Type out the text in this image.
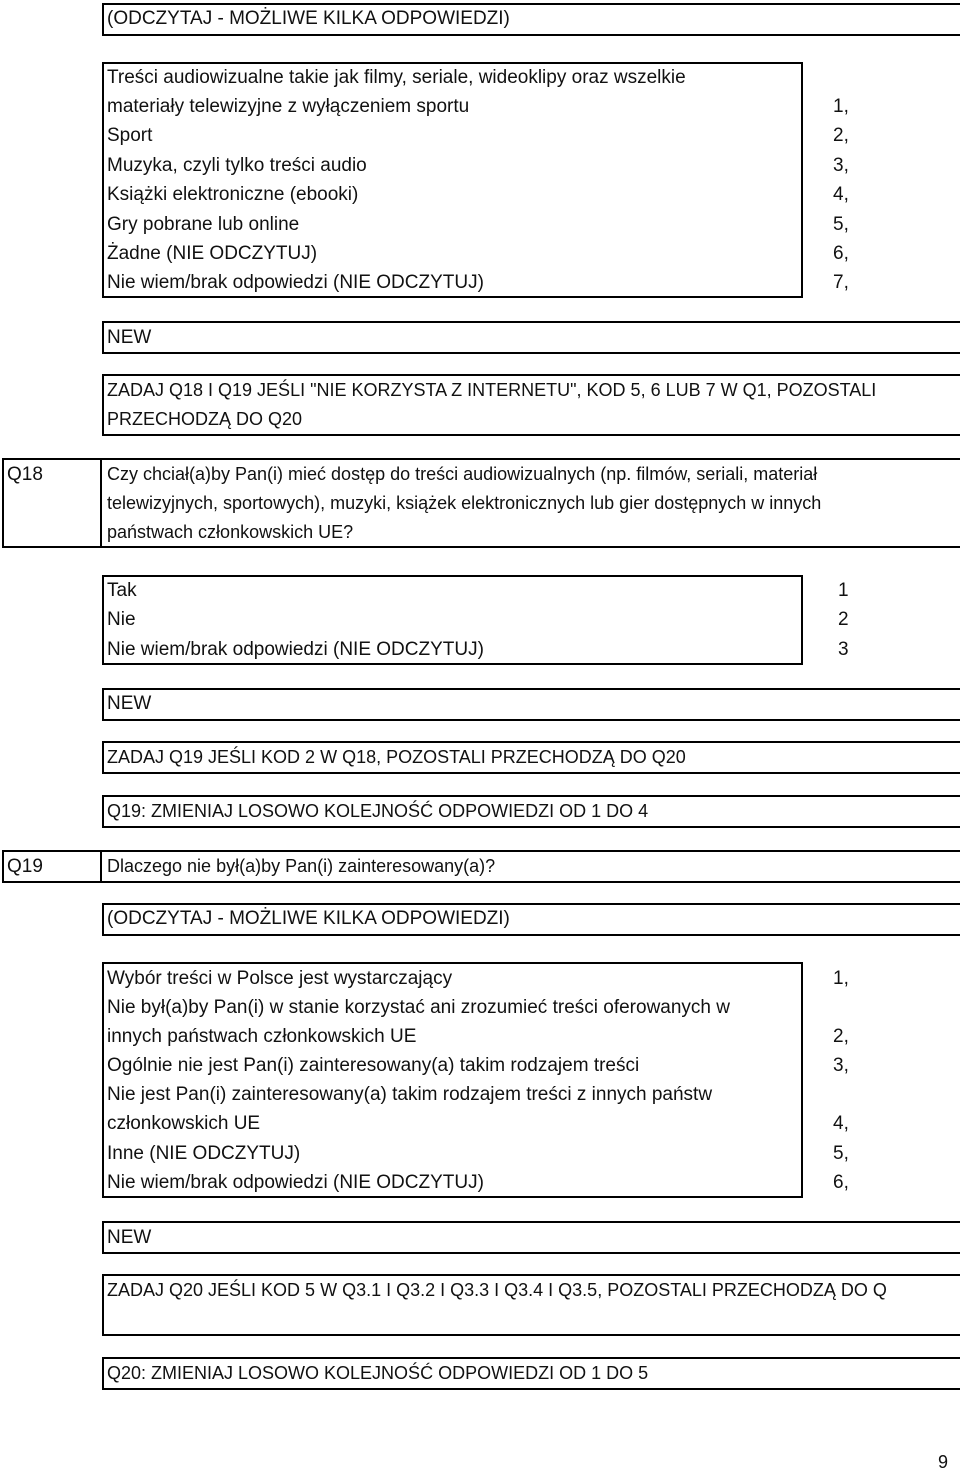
(ODCZYTAJ - MOŻLIWE KILKA ODPOWIEDZI)
Treści audiowizualne takie jak filmy, seriale, wideoklipy oraz wszelkie
materiały telewizyjne z wyłączeniem sportu	1,
Sport	2,
Muzyka, czyli tylko treści audio	3,
Książki elektroniczne (ebooki)	4,
Gry pobrane lub online	5,
Żadne (NIE ODCZYTUJ)	6,
Nie wiem/brak odpowiedzi (NIE ODCZYTUJ)	7,
NEW
ZADAJ Q18 I Q19 JEŚLI "NIE KORZYSTA Z INTERNETU", KOD 5, 6 LUB 7 W Q1, POZOSTALI
PRZECHODZĄ DO Q20
Q18	Czy chciał(a)by Pan(i) mieć dostęp do treści audiowizualnych (np. filmów, seriali, materiał
telewizyjnych, sportowych), muzyki, książek elektronicznych lub gier dostępnych w innych
państwach członkowskich UE?
Tak	1
Nie	2
Nie wiem/brak odpowiedzi (NIE ODCZYTUJ)	3
NEW
ZADAJ Q19 JEŚLI KOD 2 W Q18, POZOSTALI PRZECHODZĄ DO Q20
Q19: ZMIENIAJ LOSOWO KOLEJNOŚĆ ODPOWIEDZI OD 1 DO 4
Q19	Dlaczego nie był(a)by Pan(i) zainteresowany(a)?
(ODCZYTAJ - MOŻLIWE KILKA ODPOWIEDZI)
Wybór treści w Polsce jest wystarczający	1,
Nie był(a)by Pan(i) w stanie korzystać ani zrozumieć treści oferowanych w
innych państwach członkowskich UE	2,
Ogólnie nie jest Pan(i) zainteresowany(a) takim rodzajem treści	3,
Nie jest Pan(i) zainteresowany(a) takim rodzajem treści z innych państw
członkowskich UE	4,
Inne (NIE ODCZYTUJ)	5,
Nie wiem/brak odpowiedzi (NIE ODCZYTUJ)	6,
NEW
ZADAJ Q20 JEŚLI KOD 5 W Q3.1 I Q3.2 I Q3.3 I Q3.4 I Q3.5, POZOSTALI PRZECHODZĄ DO Q
Q20: ZMIENIAJ LOSOWO KOLEJNOŚĆ ODPOWIEDZI OD 1 DO 5
9
